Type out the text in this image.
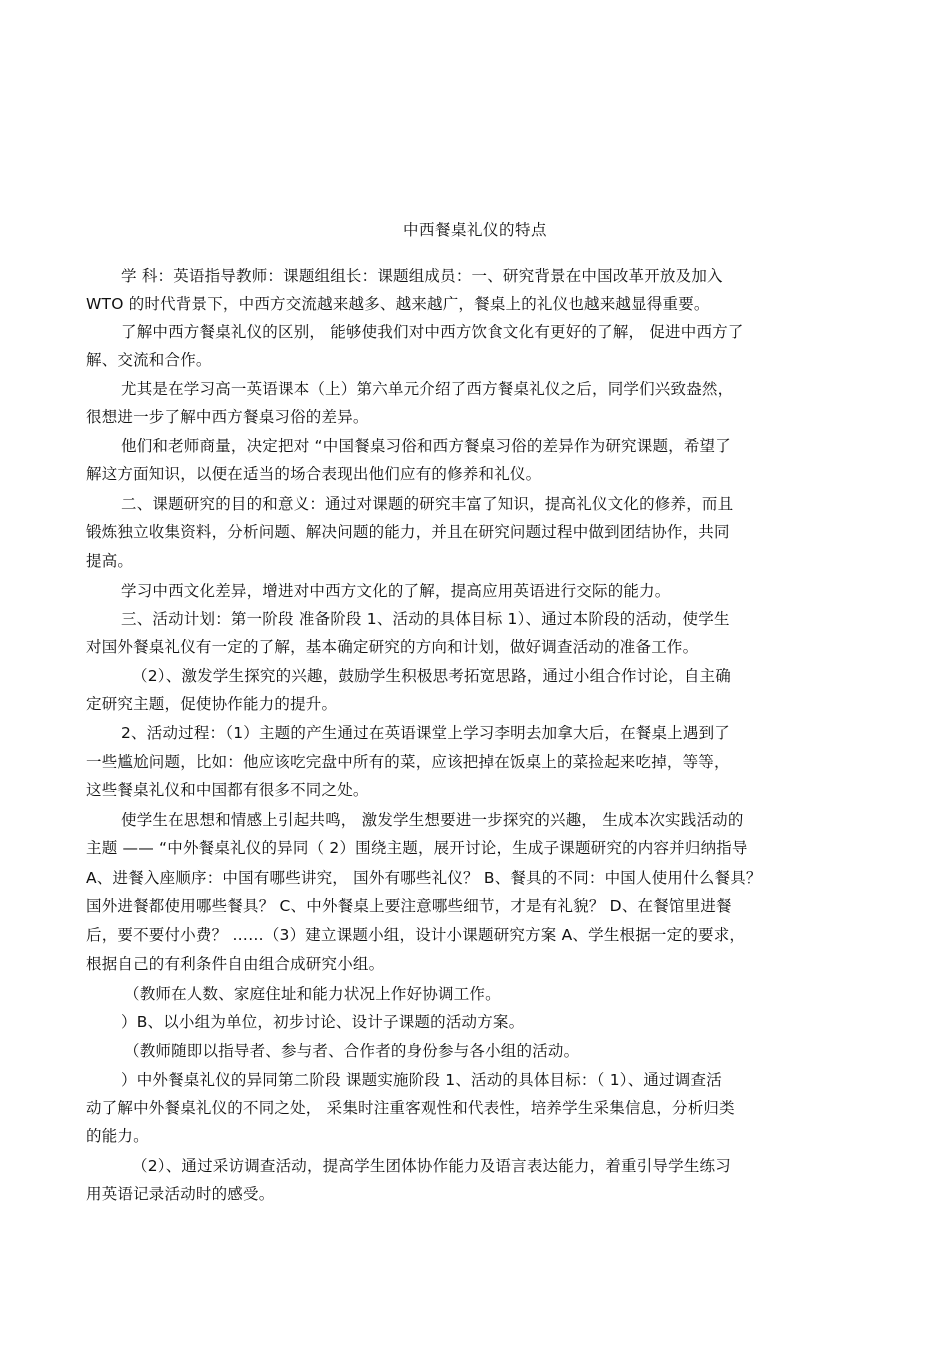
中西餐桌礼仪的特点
学 科：英语指导教师：课题组组长：课题组成员：一、研究背景在中国改革开放及加入
WTO 的时代背景下，中西方交流越来越多、越来越广，餐桌上的礼仪也越来越显得重要。
了解中西方餐桌礼仪的区别， 能够使我们对中西方饮食文化有更好的了解， 促进中西方了
解、交流和合作。
尤其是在学习高一英语课本（上）第六单元介绍了西方餐桌礼仪之后，同学们兴致盎然，
很想进一步了解中西方餐桌习俗的差异。
他们和老师商量，决定把对 “中国餐桌习俗和西方餐桌习俗的差异作为研究课题，希望了
解这方面知识，以便在适当的场合表现出他们应有的修养和礼仪。
二、课题研究的目的和意义：通过对课题的研究丰富了知识，提高礼仪文化的修养，而且
锻炼独立收集资料，分析问题、解决问题的能力，并且在研究问题过程中做到团结协作，共同
提高。
学习中西文化差异，增进对中西方文化的了解，提高应用英语进行交际的能力。
三、活动计划：第一阶段 准备阶段 1、活动的具体目标 1）、通过本阶段的活动，使学生
对国外餐桌礼仪有一定的了解，基本确定研究的方向和计划，做好调查活动的准备工作。
（2）、激发学生探究的兴趣，鼓励学生积极思考拓宽思路，通过小组合作讨论，自主确
定研究主题，促使协作能力的提升。
2、活动过程：（1）主题的产生通过在英语课堂上学习李明去加拿大后，在餐桌上遇到了
一些尴尬问题，比如：他应该吃完盘中所有的菜，应该把掉在饭桌上的菜捡起来吃掉，等等，
这些餐桌礼仪和中国都有很多不同之处。
使学生在思想和情感上引起共鸣， 激发学生想要进一步探究的兴趣， 生成本次实践活动的
主题 —— “中外餐桌礼仪的异同（ 2）围绕主题，展开讨论，生成子课题研究的内容并归纳指导
A、进餐入座顺序：中国有哪些讲究， 国外有哪些礼仪？ B、餐具的不同：中国人使用什么餐具？
国外进餐都使用哪些餐具？ C、中外餐桌上要注意哪些细节，才是有礼貌？ D、在餐馆里进餐
后，要不要付小费？ ……（3）建立课题小组，设计小课题研究方案 A、学生根据一定的要求，
根据自己的有利条件自由组合成研究小组。
（教师在人数、家庭住址和能力状况上作好协调工作。
）B、以小组为单位，初步讨论、设计子课题的活动方案。
（教师随即以指导者、参与者、合作者的身份参与各小组的活动。
）中外餐桌礼仪的异同第二阶段 课题实施阶段 1、活动的具体目标：（ 1）、通过调查活
动了解中外餐桌礼仪的不同之处， 采集时注重客观性和代表性，培养学生采集信息，分析归类
的能力。
（2）、通过采访调查活动，提高学生团体协作能力及语言表达能力，着重引导学生练习
用英语记录活动时的感受。
